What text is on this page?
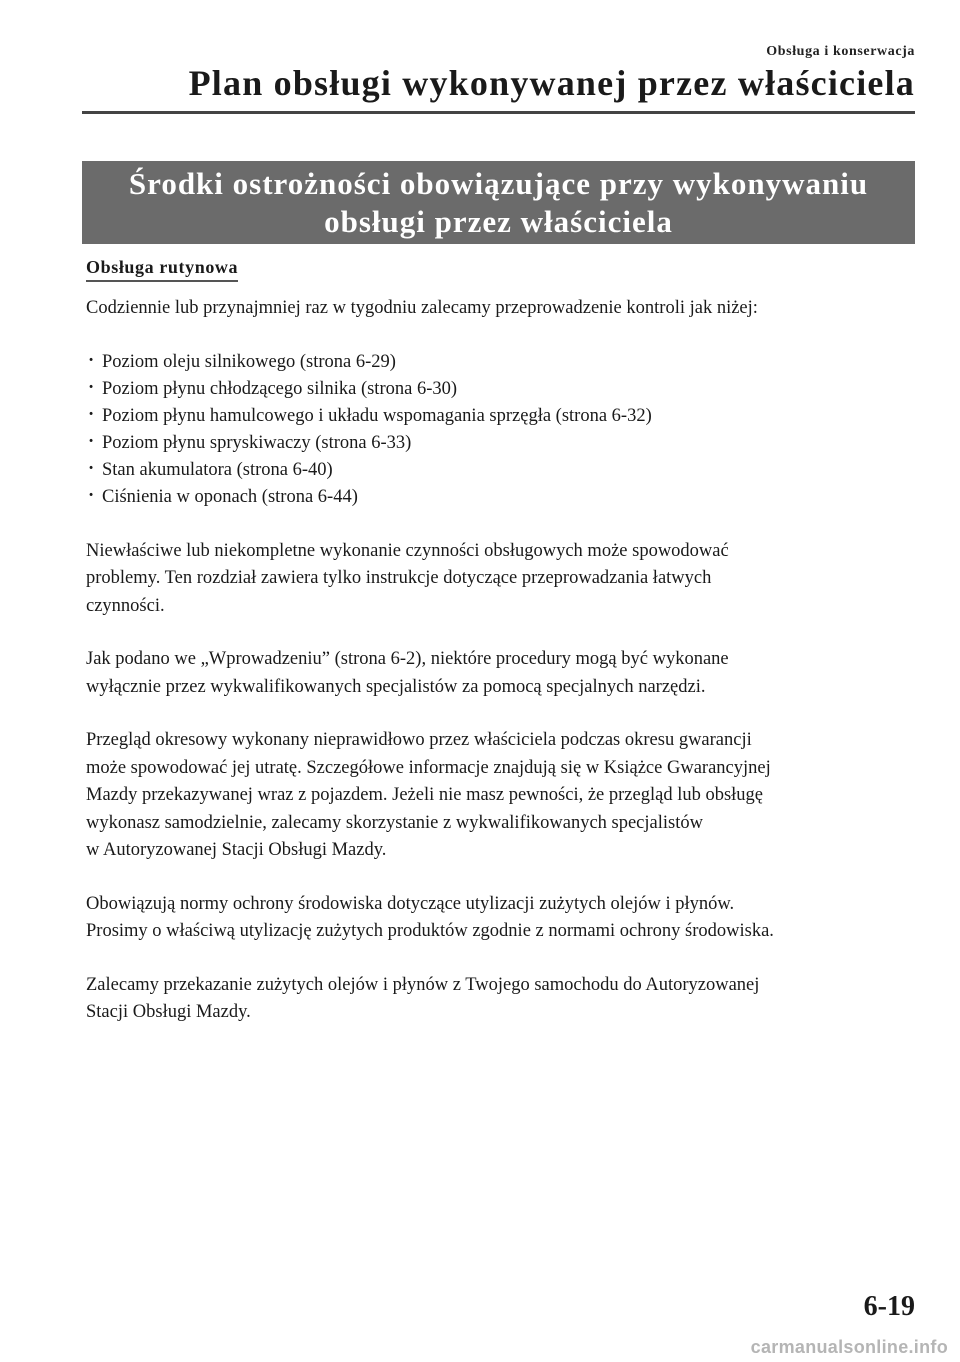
Obsługa i konserwacja
Plan obsługi wykonywanej przez właściciela
Środki ostrożności obowiązujące przy wykonywaniu
obsługi przez właściciela
Obsługa rutynowa

Codziennie lub przynajmniej raz w tygodniu zalecamy przeprowadzenie kontroli jak niżej:

· Poziom oleju silnikowego (strona 6-29)
· Poziom płynu chłodzącego silnika (strona 6-30)
· Poziom płynu hamulcowego i układu wspomagania sprzęgła (strona 6-32)
· Poziom płynu spryskiwaczy (strona 6-33)
· Stan akumulatora (strona 6-40)
· Ciśnienia w oponach (strona 6-44)

Niewłaściwe lub niekompletne wykonanie czynności obsługowych może spowodować
problemy. Ten rozdział zawiera tylko instrukcje dotyczące przeprowadzania łatwych
czynności.

Jak podano we „Wprowadzeniu” (strona 6-2), niektóre procedury mogą być wykonane
wyłącznie przez wykwalifikowanych specjalistów za pomocą specjalnych narzędzi.

Przegląd okresowy wykonany nieprawidłowo przez właściciela podczas okresu gwarancji
może spowodować jej utratę. Szczegółowe informacje znajdują się w Książce Gwarancyjnej
Mazdy przekazywanej wraz z pojazdem. Jeżeli nie masz pewności, że przegląd lub obsługę
wykonasz samodzielnie, zalecamy skorzystanie z wykwalifikowanych specjalistów
w Autoryzowanej Stacji Obsługi Mazdy.

Obowiązują normy ochrony środowiska dotyczące utylizacji zużytych olejów i płynów.
Prosimy o właściwą utylizację zużytych produktów zgodnie z normami ochrony środowiska.

Zalecamy przekazanie zużytych olejów i płynów z Twojego samochodu do Autoryzowanej
Stacji Obsługi Mazdy.

6-19
carmanualsonline.info
